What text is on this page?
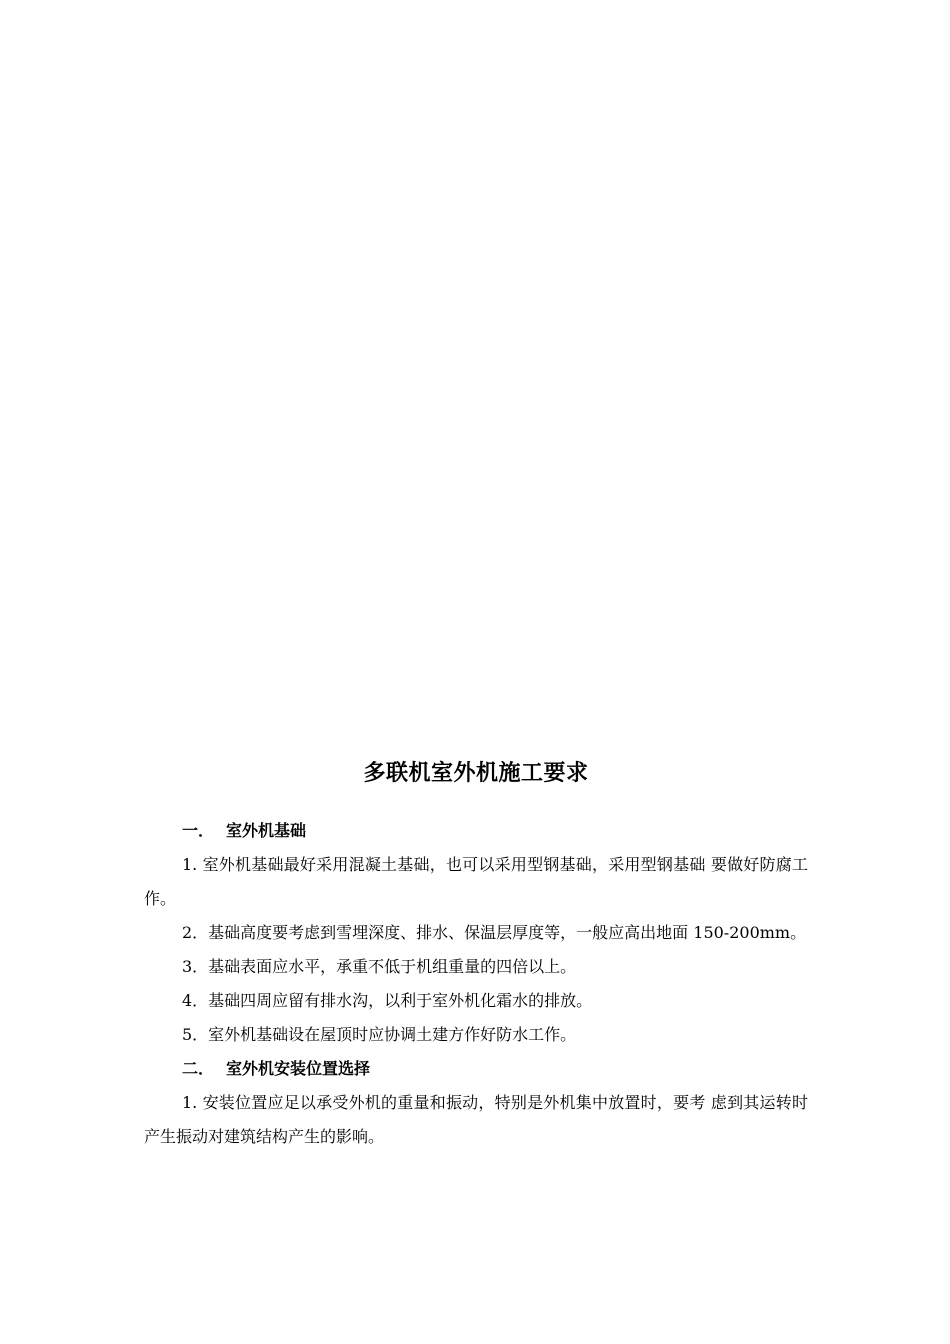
多联机室外机施工要求

一． 室外机基础

1. 室外机基础最好采用混凝土基础，也可以采用型钢基础，采用型钢基础 要做好防腐工作。

2．基础高度要考虑到雪埋深度、排水、保温层厚度等，一般应高出地面 150-200mm。

3．基础表面应水平，承重不低于机组重量的四倍以上。

4．基础四周应留有排水沟，以利于室外机化霜水的排放。

5．室外机基础设在屋顶时应协调土建方作好防水工作。

二． 室外机安装位置选择

1. 安装位置应足以承受外机的重量和振动，特别是外机集中放置时，要考 虑到其运转时产生振动对建筑结构产生的影响。
